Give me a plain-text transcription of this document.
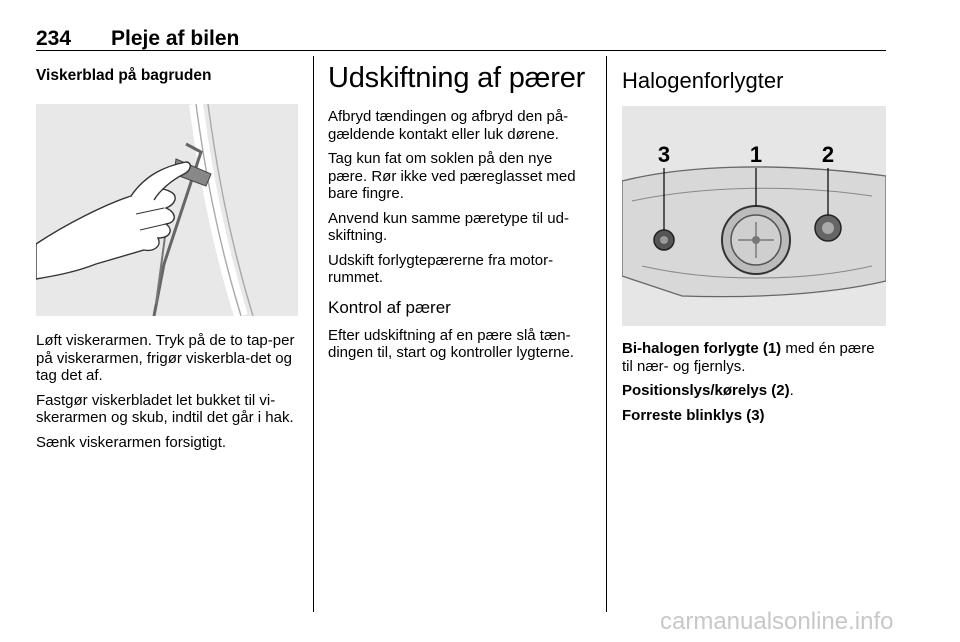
234 Pleje af bilen
Viskerblad på bagruden

Løft viskerarmen. Tryk på de to tap-per på viskerarmen, frigør viskerbla-det og tag det af.

Fastgør viskerbladet let bukket til vi-skerarmen og skub, indtil det går i hak.

Sænk viskerarmen forsigtigt.

Udskiftning af pærer

Afbryd tændingen og afbryd den på-gældende kontakt eller luk dørene.

Tag kun fat om soklen på den nye pære. Rør ikke ved pæreglasset med bare fingre.

Anvend kun samme pæretype til ud-skiftning.

Udskift forlygtepærerne fra motor-rummet.

Kontrol af pærer

Efter udskiftning af en pære slå tæn-dingen til, start og kontroller lygterne.

Halogenforlygter
3	1	2

Bi-halogen forlygte (1) med én pære til nær- og fjernlys.

Positionslys/kørelys (2).

Forreste blinklys (3)

carmanualsonline.info
